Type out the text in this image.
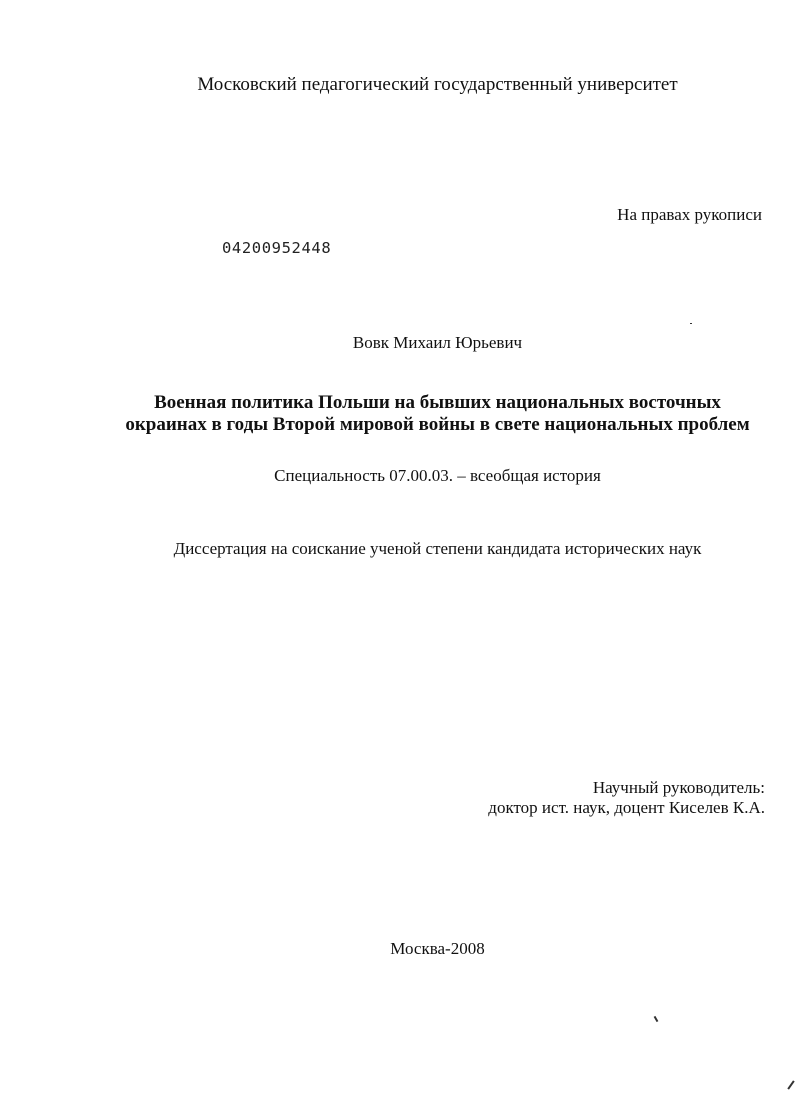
Московский педагогический государственный университет
На правах рукописи
04200952448
Вовк Михаил Юрьевич
Военная политика Польши на бывших национальных восточных
окраинах в годы Второй мировой войны в свете национальных проблем
Специальность 07.00.03. – всеобщая история
Диссертация на соискание ученой степени кандидата исторических наук
Научный руководитель:
доктор ист. наук, доцент Киселев К.А.
Москва-2008
